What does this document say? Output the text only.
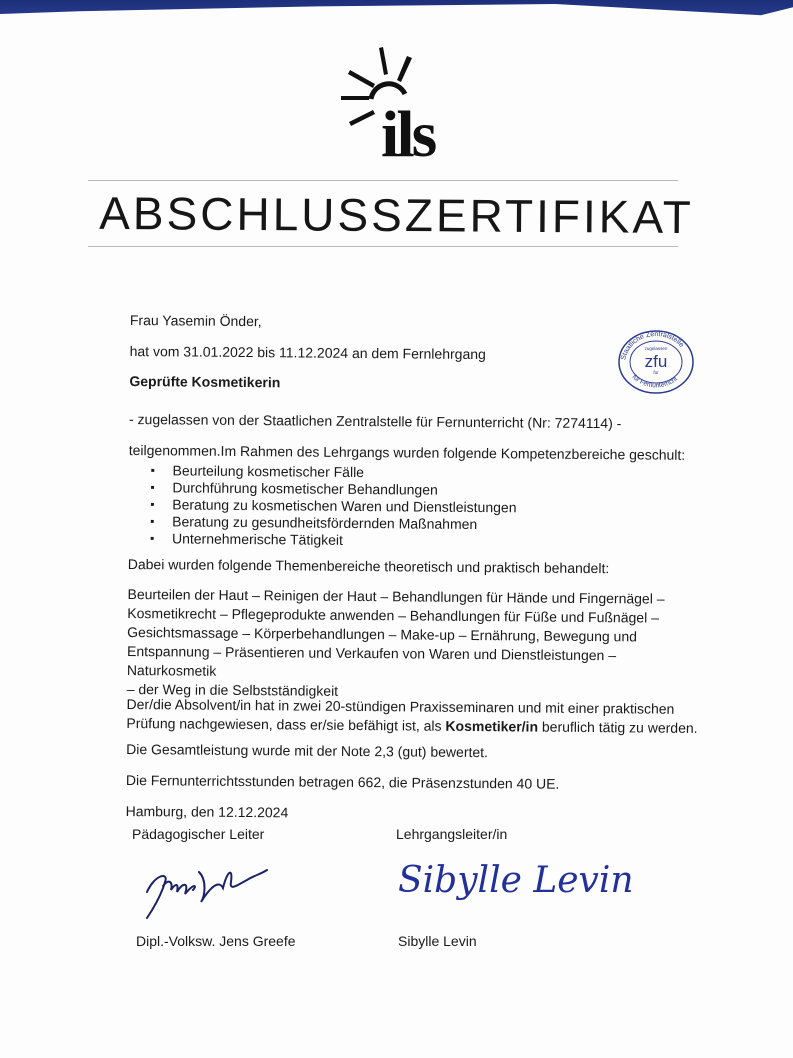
ils
ABSCHLUSSZERTIFIKAT
Frau Yasemin Önder,
hat vom 31.01.2022 bis 11.12.2024 an dem Fernlehrgang
Geprüfte Kosmetikerin
- zugelassen von der Staatlichen Zentralstelle für Fernunterricht (Nr: 7274114) -
teilgenommen.Im Rahmen des Lehrgangs wurden folgende Kompetenzbereiche geschult:
▪ Beurteilung kosmetischer Fälle
▪ Durchführung kosmetischer Behandlungen
▪ Beratung zu kosmetischen Waren und Dienstleistungen
▪ Beratung zu gesundheitsfördernden Maßnahmen
▪ Unternehmerische Tätigkeit
Dabei wurden folgende Themenbereiche theoretisch und praktisch behandelt:
Beurteilen der Haut – Reinigen der Haut – Behandlungen für Hände und Fingernägel –
Kosmetikrecht – Pflegeprodukte anwenden – Behandlungen für Füße und Fußnägel –
Gesichtsmassage – Körperbehandlungen – Make-up – Ernährung, Bewegung und
Entspannung – Präsentieren und Verkaufen von Waren und Dienstleistungen – Naturkosmetik
– der Weg in die Selbstständigkeit
Der/die Absolvent/in hat in zwei 20-stündigen Praxisseminaren und mit einer praktischen
Prüfung nachgewiesen, dass er/sie befähigt ist, als Kosmetiker/in beruflich tätig zu werden.
Die Gesamtleistung wurde mit der Note 2,3 (gut) bewertet.
Die Fernunterrichtsstunden betragen 662, die Präsenzstunden 40 UE.
Hamburg, den 12.12.2024
Staatliche Zentralstelle
für Fernunterricht
zugelassen
zfu
für
Pädagogischer Leiter	Lehrgangsleiter/in
Sibylle Levin
Dipl.-Volksw. Jens Greefe	Sibylle Levin
